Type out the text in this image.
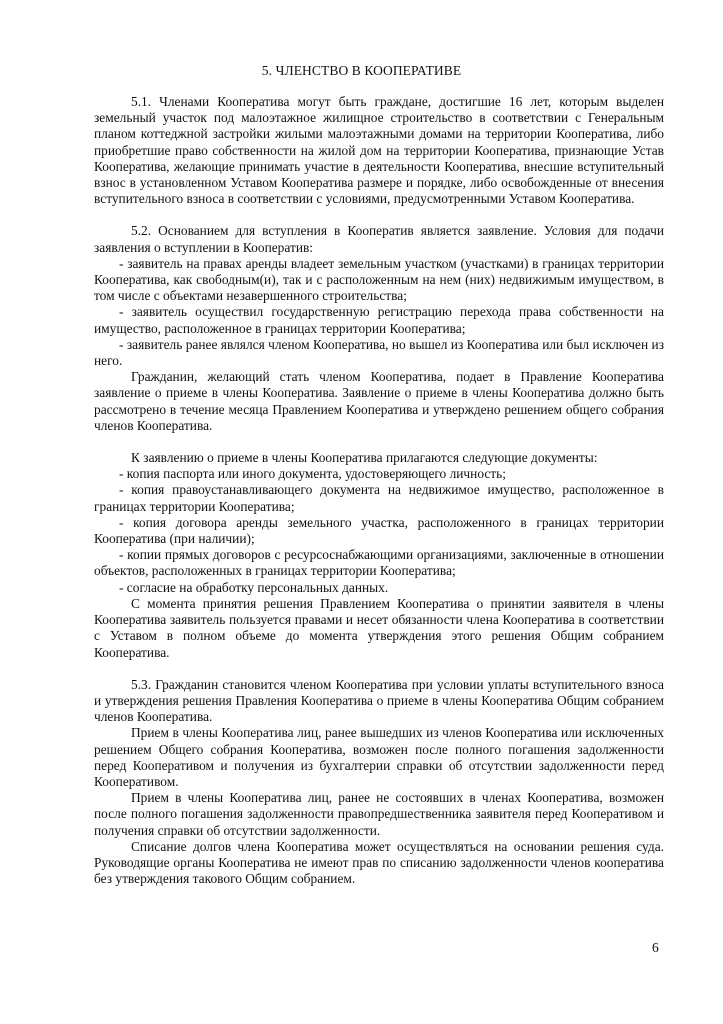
5. ЧЛЕНСТВО В КООПЕРАТИВЕ

5.1. Членами Кооператива могут быть граждане, достигшие 16 лет, которым выделен земельный участок под малоэтажное жилищное строительство в соответствии с Генеральным планом коттеджной застройки жилыми малоэтажными домами на территории Кооператива, либо приобретшие право собственности на жилой дом на территории Кооператива, признающие Устав Кооператива, желающие принимать участие в деятельности Кооператива, внесшие вступительный взнос в установленном Уставом Кооператива размере и порядке, либо освобожденные от внесения вступительного взноса в соответствии с условиями, предусмотренными Уставом Кооператива.

5.2. Основанием для вступления в Кооператив является заявление. Условия для подачи заявления о вступлении в Кооператив:

- заявитель на правах аренды владеет земельным участком (участками) в границах территории Кооператива, как свободным(и), так и с расположенным на нем (них) недвижимым имуществом, в том числе с объектами незавершенного строительства;

- заявитель осуществил государственную регистрацию перехода права собственности на имущество, расположенное в границах территории Кооператива;

- заявитель ранее являлся членом Кооператива, но вышел из Кооператива или был исключен из него.

Гражданин, желающий стать членом Кооператива, подает в Правление Кооператива заявление о приеме в члены Кооператива. Заявление о приеме в члены Кооператива должно быть рассмотрено в течение месяца Правлением Кооператива и утверждено решением общего собрания членов Кооператива.

К заявлению о приеме в члены Кооператива прилагаются следующие документы:

- копия паспорта или иного документа, удостоверяющего личность;

- копия правоустанавливающего документа на недвижимое имущество, расположенное в границах территории Кооператива;

- копия договора аренды земельного участка, расположенного в границах территории Кооператива (при наличии);

- копии прямых договоров с ресурсоснабжающими организациями, заключенные в отношении объектов, расположенных в границах территории Кооператива;

- согласие на обработку персональных данных.

С момента принятия решения Правлением Кооператива о принятии заявителя в члены Кооператива заявитель пользуется правами и несет обязанности члена Кооператива в соответствии с Уставом в полном объеме до момента утверждения этого решения Общим собранием Кооператива.

5.3. Гражданин становится членом Кооператива при условии уплаты вступительного взноса и утверждения решения Правления Кооператива о приеме в члены Кооператива Общим собранием членов Кооператива.

Прием в члены Кооператива лиц, ранее вышедших из членов Кооператива или исключенных решением Общего собрания Кооператива, возможен после полного погашения задолженности перед Кооперативом и получения из бухгалтерии справки об отсутствии задолженности перед Кооперативом.

Прием в члены Кооператива лиц, ранее не состоявших в членах Кооператива, возможен после полного погашения задолженности правопредшественника заявителя перед Кооперативом и получения справки об отсутствии задолженности.

Списание долгов члена Кооператива может осуществляться на основании решения суда. Руководящие органы Кооператива не имеют прав по списанию задолженности членов кооператива без утверждения такового Общим собранием.

6
